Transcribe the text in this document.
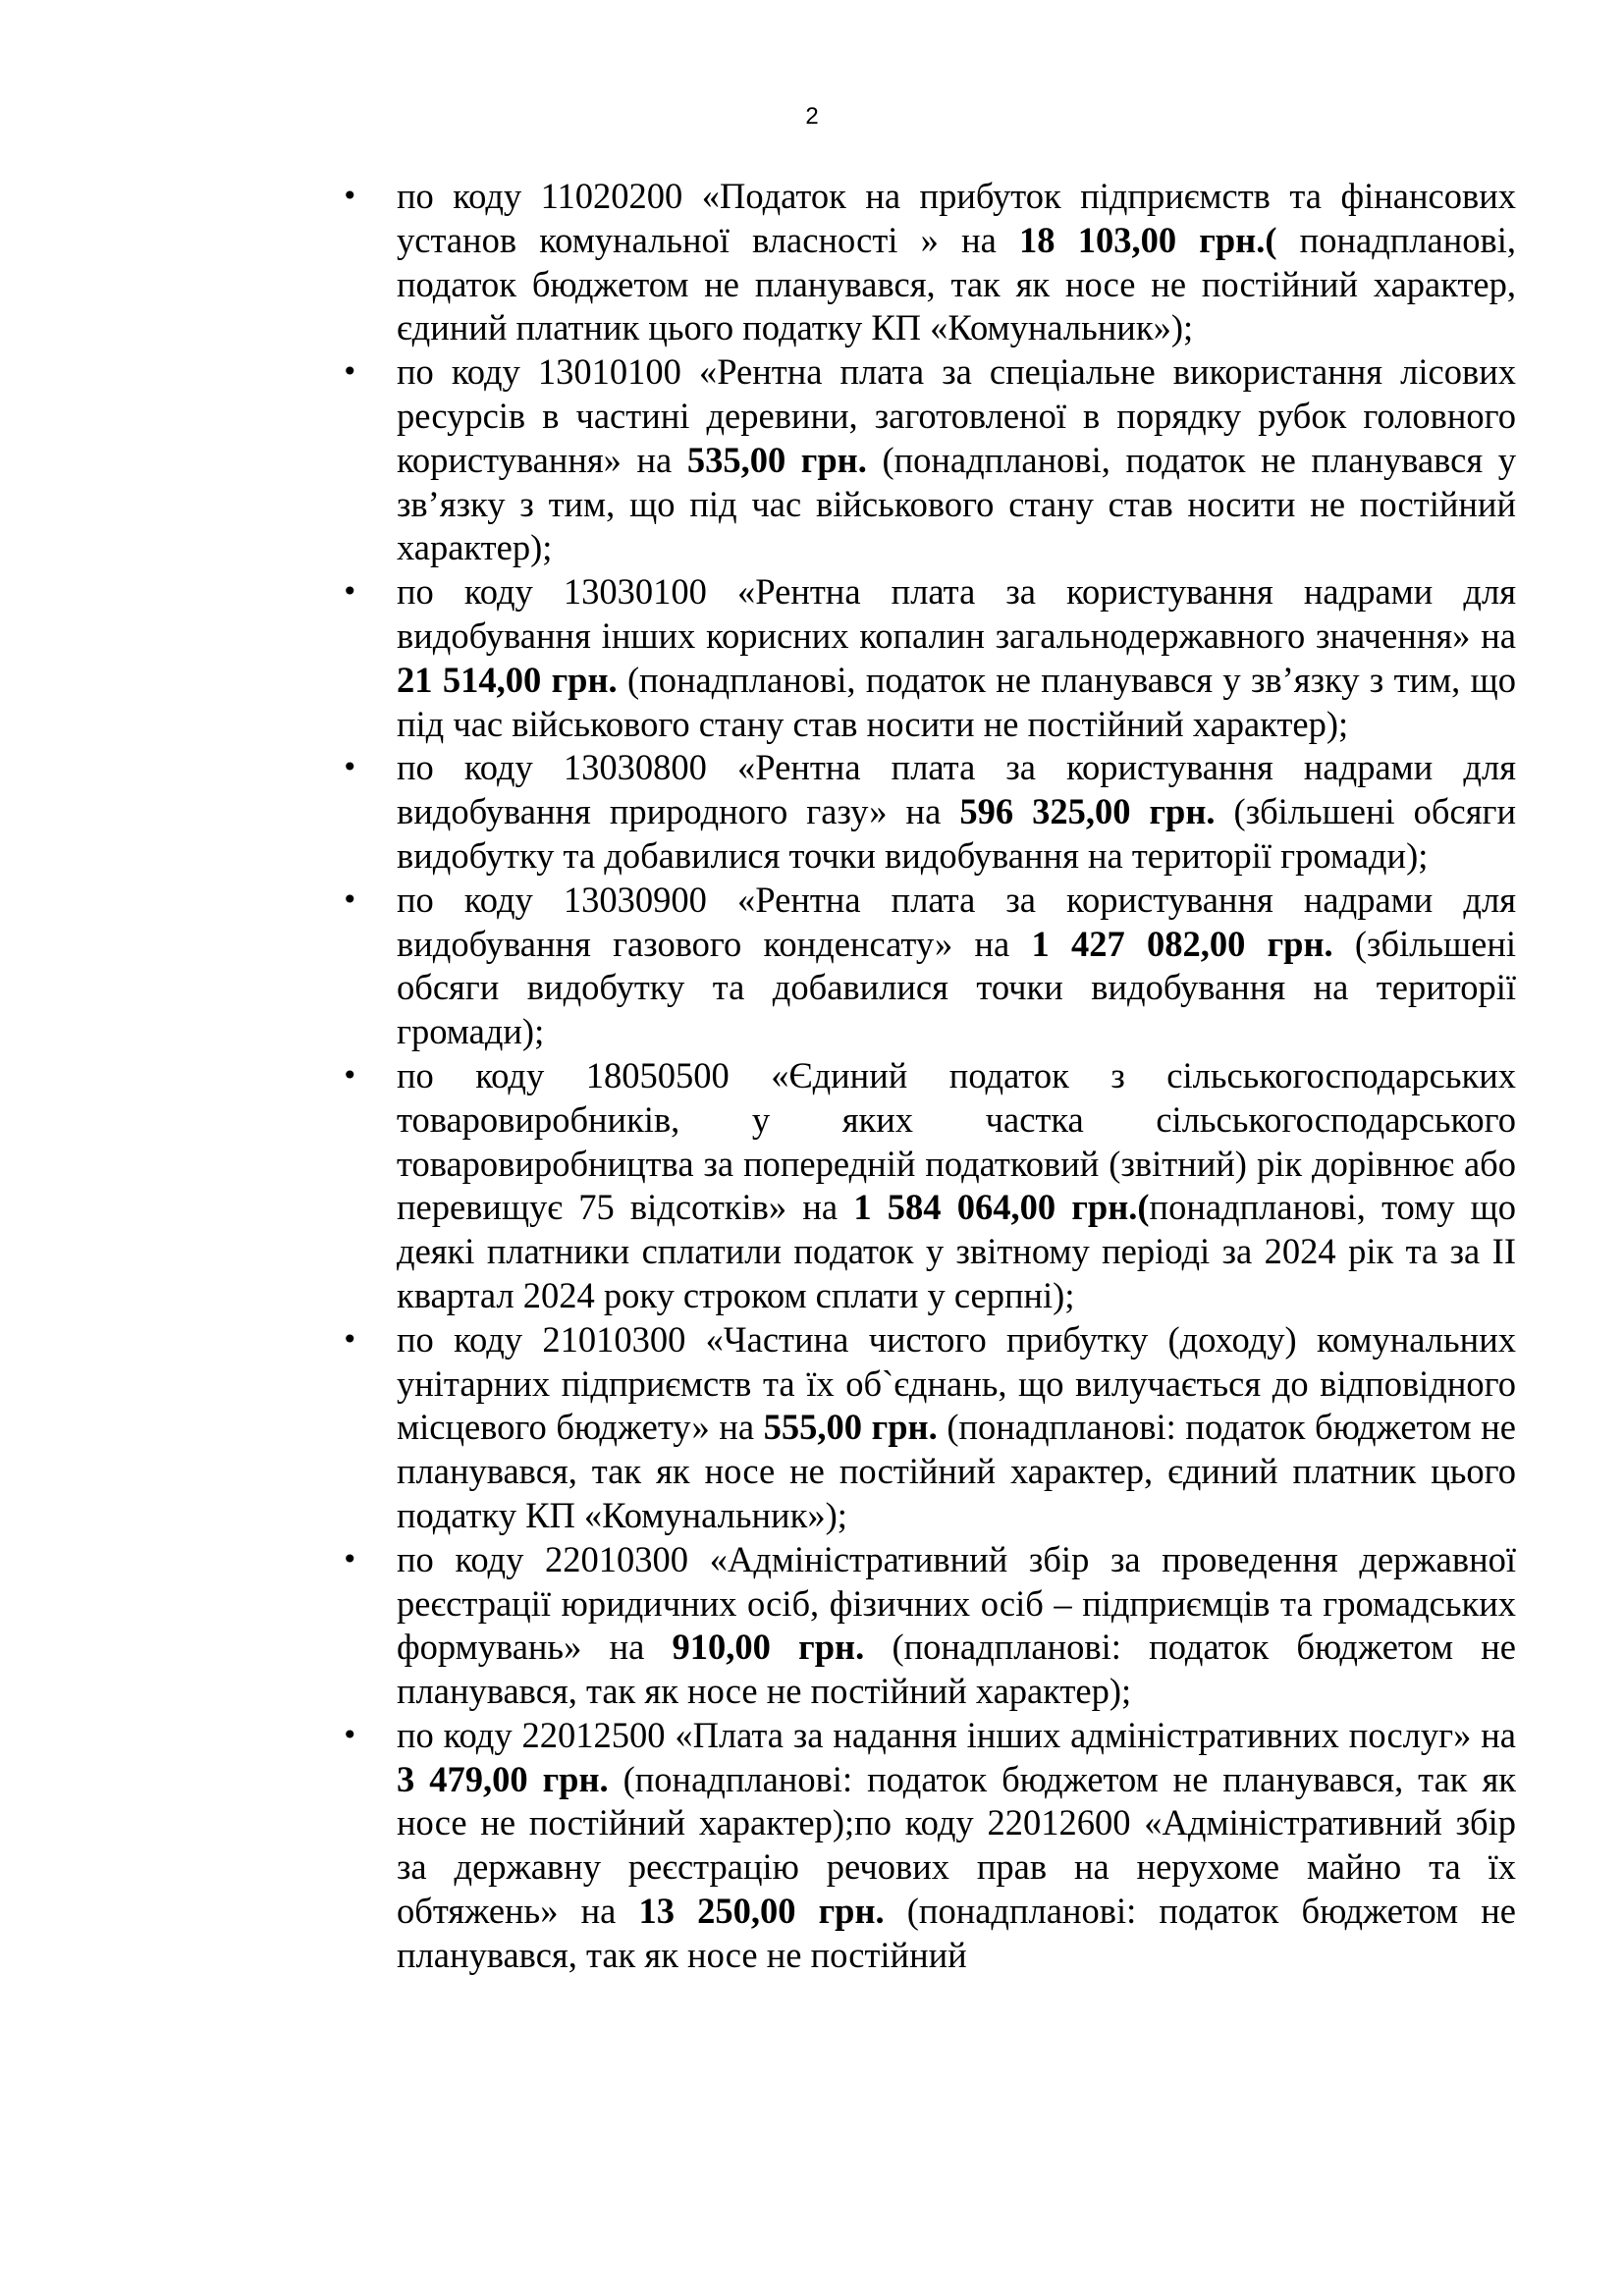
2
•	по коду 11020200 «Податок на прибуток підприємств та фінансових установ комунальної власності » на 18 103,00 грн.( понадпланові, податок бюджетом не планувався, так як носе не постійний характер, єдиний платник цього податку КП «Комунальник»);
•	по коду 13010100 «Рентна плата за спеціальне використання лісових ресурсів в частині деревини, заготовленої в порядку рубок головного користування» на 535,00 грн. (понадпланові, податок не планувався у зв’язку з тим, що під час військового стану став носити не постійний характер);
•	по коду 13030100 «Рентна плата за користування надрами для видобування інших корисних копалин загальнодержавного значення» на 21 514,00 грн. (понадпланові, податок не планувався у зв’язку з тим, що під час військового стану став носити не постійний характер);
•	по коду 13030800 «Рентна плата за користування надрами для видобування природного газу» на 596 325,00 грн. (збільшені обсяги видобутку та добавилися точки видобування на території громади);
•	по коду 13030900 «Рентна плата за користування надрами для видобування газового конденсату» на 1 427 082,00 грн. (збільшені обсяги видобутку та добавилися точки видобування на території громади);
•	по коду 18050500 «Єдиний податок з сільськогосподарських товаровиробників, у яких частка сільськогосподарського товаровиробництва за попередній податковий (звітний) рік дорівнює або перевищує 75 відсотків» на 1 584 064,00 грн.(понадпланові, тому що деякі платники сплатили податок у звітному періоді за 2024 рік та за ІІ квартал 2024 року строком сплати у серпні);
•	по коду 21010300 «Частина чистого прибутку (доходу) комунальних унітарних підприємств та їх об`єднань, що вилучається до відповідного місцевого бюджету» на 555,00 грн. (понадпланові: податок бюджетом не планувався, так як носе не постійний характер, єдиний платник цього податку КП «Комунальник»);
•	по коду 22010300 «Адміністративний збір за проведення державної реєстрації юридичних осіб, фізичних осіб – підприємців та громадських формувань» на 910,00 грн. (понадпланові: податок бюджетом не планувався, так як носе не постійний характер);
•	по коду 22012500 «Плата за надання інших адміністративних послуг» на 3 479,00 грн. (понадпланові: податок бюджетом не планувався, так як носе не постійний характер);по коду 22012600 «Адміністративний збір за державну реєстрацію речових прав на нерухоме майно та їх обтяжень» на 13 250,00 грн. (понадпланові: податок бюджетом не планувався, так як носе не постійний
